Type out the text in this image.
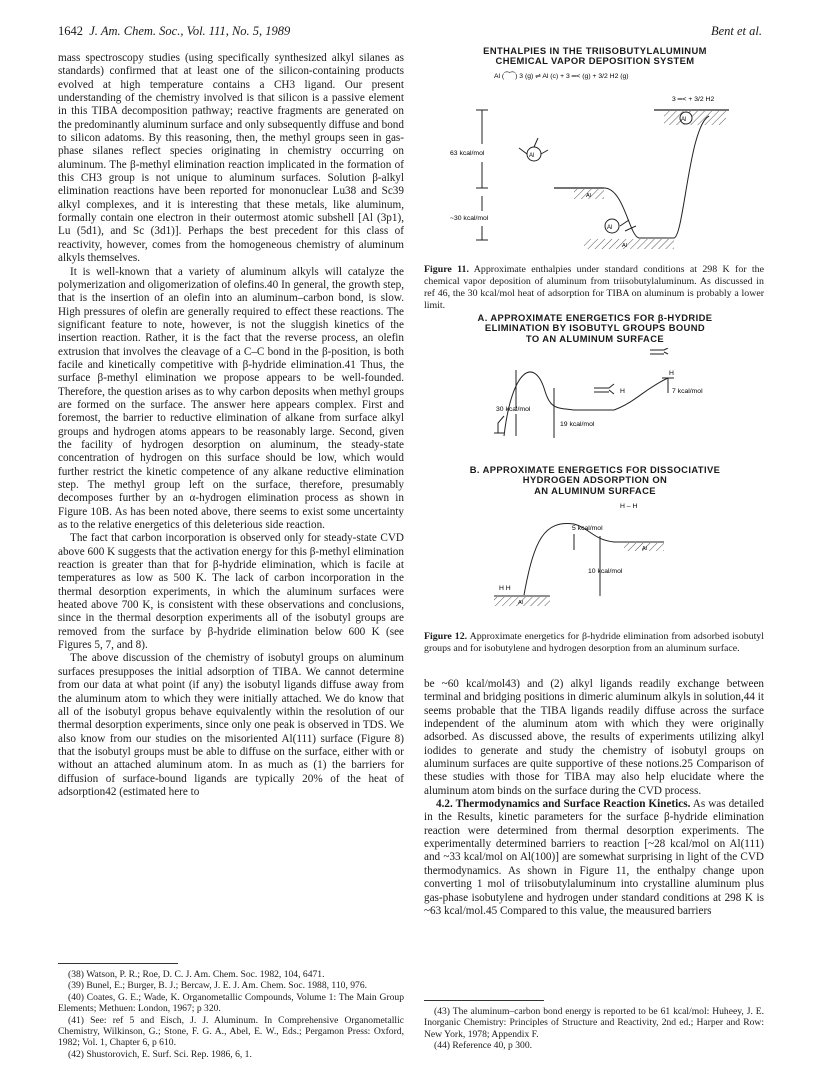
1642 J. Am. Chem. Soc., Vol. 111, No. 5, 1989	Bent et al.

mass spectroscopy studies (using specifically synthesized alkyl silanes as standards) confirmed that at least one of the silicon-containing products evolved at high temperature contains a CH3 ligand. Our present understanding of the chemistry involved is that silicon is a passive element in this TIBA decomposition pathway; reactive fragments are generated on the predominantly aluminum surface and only subsequently diffuse and bond to silicon adatoms. By this reasoning, then, the methyl groups seen in gas-phase silanes reflect species originating in chemistry occurring on aluminum. The β-methyl elimination reaction implicated in the formation of this CH3 group is not unique to aluminum surfaces. Solution β-alkyl elimination reactions have been reported for mononuclear Lu38 and Sc39 alkyl complexes, and it is interesting that these metals, like aluminum, formally contain one electron in their outermost atomic subshell [Al (3p1), Lu (5d1), and Sc (3d1)]. Perhaps the best precedent for this class of reactivity, however, comes from the homogeneous chemistry of aluminum alkyls themselves.

It is well-known that a variety of aluminum alkyls will catalyze the polymerization and oligomerization of olefins.40 In general, the growth step, that is the insertion of an olefin into an aluminum–carbon bond, is slow. High pressures of olefin are generally required to effect these reactions. The significant feature to note, however, is not the sluggish kinetics of the insertion reaction. Rather, it is the fact that the reverse process, an olefin extrusion that involves the cleavage of a C–C bond in the β-position, is both facile and kinetically competitive with β-hydride elimination.41 Thus, the surface β-methyl elimination we propose appears to be well-founded. Therefore, the question arises as to why carbon deposits when methyl groups are formed on the surface. The answer here appears complex. First and foremost, the barrier to reductive elimination of alkane from surface alkyl groups and hydrogen atoms appears to be reasonably large. Second, given the facility of hydrogen desorption on aluminum, the steady-state concentration of hydrogen on this surface should be low, which would further restrict the kinetic competence of any alkane reductive elimination step. The methyl group left on the surface, therefore, presumably decomposes further by an α-hydrogen elimination process as shown in Figure 10B. As has been noted above, there seems to exist some uncertainty as to the relative energetics of this deleterious side reaction.

The fact that carbon incorporation is observed only for steady-state CVD above 600 K suggests that the activation energy for this β-methyl elimination reaction is greater than that for β-hydride elimination, which is facile at temperatures as low as 500 K. The lack of carbon incorporation in the thermal desorption experiments, in which the aluminum surfaces were heated above 700 K, is consistent with these observations and conclusions, since in the thermal desorption experiments all of the isobutyl groups are removed from the surface by β-hydride elimination below 600 K (see Figures 5, 7, and 8).

The above discussion of the chemistry of isobutyl groups on aluminum surfaces presupposes the initial adsorption of TIBA. We cannot determine from our data at what point (if any) the isobutyl ligands diffuse away from the aluminum atom to which they were initially attached. We do know that all of the isobutyl gropus behave equivalently within the resolution of our thermal desorption experiments, since only one peak is observed in TDS. We also know from our studies on the misoriented Al(111) surface (Figure 8) that the isobutyl groups must be able to diffuse on the surface, either with or without an attached aluminum atom. In as much as (1) the barriers for diffusion of surface-bound ligands are typically 20% of the heat of adsorption42 (estimated here to

(38) Watson, P. R.; Roe, D. C. J. Am. Chem. Soc. 1982, 104, 6471.
(39) Bunel, E.; Burger, B. J.; Bercaw, J. E. J. Am. Chem. Soc. 1988, 110, 976.
(40) Coates, G. E.; Wade, K. Organometallic Compounds, Volume 1: The Main Group Elements; Methuen: London, 1967; p 320.
(41) See: ref 5 and Eisch, J. J. Aluminum. In Comprehensive Organometallic Chemistry, Wilkinson, G.; Stone, F. G. A., Abel, E. W., Eds.; Pergamon Press: Oxford, 1982; Vol. 1, Chapter 6, p 610.
(42) Shustorovich, E. Surf. Sci. Rep. 1986, 6, 1.
ENTHALPIES IN THE TRIISOBUTYLALUMINUM
CHEMICAL VAPOR DEPOSITION SYSTEM
Al (⁀⁀) 3 (g) ⇌ Al (c) + 3 ═< (g) + 3/2 H2 (g)
3 ═< + 3/2 H2
Al
63 kcal/mol
~30 kcal/mol
Al
Al
Al
Al
Figure 11. Approximate enthalpies under standard conditions at 298 K for the chemical vapor deposition of aluminum from triisobutylaluminum. As discussed in ref 46, the 30 kcal/mol heat of adsorption for TIBA on aluminum is probably a lower limit.
A. APPROXIMATE ENERGETICS FOR β-HYDRIDE
ELIMINATION BY ISOBUTYL GROUPS BOUND
TO AN ALUMINUM SURFACE
H
7 kcal/mol
30 kcal/mol
19 kcal/mol
H
B. APPROXIMATE ENERGETICS FOR DISSOCIATIVE
HYDROGEN ADSORPTION ON
AN ALUMINUM SURFACE
H – H
Al
5 kcal/mol
10 kcal/mol
Al
H H
Figure 12. Approximate energetics for β-hydride elimination from adsorbed isobutyl groups and for isobutylene and hydrogen desorption from an aluminum surface.

be ~60 kcal/mol43) and (2) alkyl ligands readily exchange between terminal and bridging positions in dimeric aluminum alkyls in solution,44 it seems probable that the TIBA ligands readily diffuse across the surface independent of the aluminum atom with which they were originally adsorbed. As discussed above, the results of experiments utilizing alkyl iodides to generate and study the chemistry of isobutyl groups on aluminum surfaces are quite supportive of these notions.25 Comparison of these studies with those for TIBA may also help elucidate where the aluminum atom binds on the surface during the CVD process.

4.2. Thermodynamics and Surface Reaction Kinetics. As was detailed in the Results, kinetic parameters for the surface β-hydride elimination reaction were determined from thermal desorption experiments. The experimentally determined barriers to reaction [~28 kcal/mol on Al(111) and ~33 kcal/mol on Al(100)] are somewhat surprising in light of the CVD thermodynamics. As shown in Figure 11, the enthalpy change upon converting 1 mol of triisobutylaluminum into crystalline aluminum plus gas-phase isobutylene and hydrogen under standard conditions at 298 K is ~63 kcal/mol.45 Compared to this value, the meausured barriers

(43) The aluminum–carbon bond energy is reported to be 61 kcal/mol: Huheey, J. E. Inorganic Chemistry: Principles of Structure and Reactivity, 2nd ed.; Harper and Row: New York, 1978; Appendix F.
(44) Reference 40, p 300.
